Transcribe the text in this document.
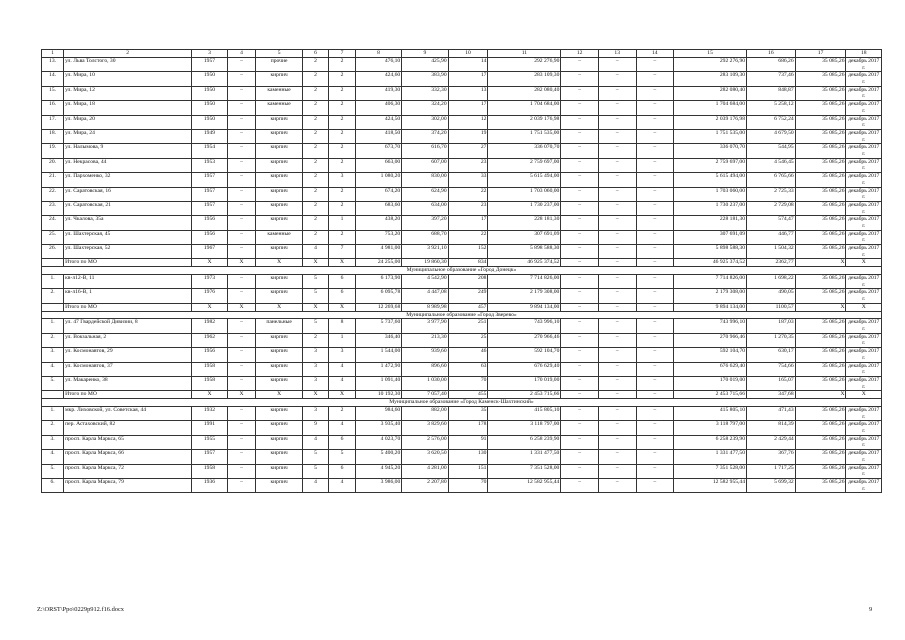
1	2	3	4	5	6	7	8	9	10	11	12	13	14	15	16	17	18
13.	ул. Льва Толстого, 30	1957	–	прочие	2	2	476,10	425,90	14	292 276,90	–	–	–	292 276,90	686,26	35 085,26	декабрь 2017 г.
14.	ул. Мира, 10	1950	–	кирпич	2	2	424,60	383,90	17	283 109,30	–	–	–	283 109,30	737,46	35 085,26	декабрь 2017 г.
15.	ул. Мира, 12	1950	–	каменные	2	2	419,30	332,30	13	282 080,40	–	–	–	282 080,40	848,87	35 085,26	декабрь 2017 г.
16.	ул. Мира, 18	1950	–	каменные	2	2	406,30	324,20	17	1 704 684,00	–	–	–	1 704 684,00	5 258,12	35 085,26	декабрь 2017 г.
17.	ул. Мира, 20	1950	–	кирпич	2	2	424,50	302,00	12	2 039 176,98	–	–	–	2 039 176,98	6 752,24	35 085,26	декабрь 2017 г.
18.	ул. Мира, 24	1949	–	кирпич	2	2	418,50	374,20	19	1 751 535,00	–	–	–	1 751 535,00	4 679,50	35 085,26	декабрь 2017 г.
19.	ул. Налымова, 9	1954	–	кирпич	2	2	673,70	616,70	27	336 070,70	–	–	–	336 070,70	544,95	35 085,26	декабрь 2017 г.
20.	ул. Некрасова, 44	1953	–	кирпич	2	2	663,00	607,00	23	2 759 697,00	–	–	–	2 759 697,00	4 546,45	35 085,26	декабрь 2017 г.
21.	ул. Пархоменко, 32	1957	–	кирпич	2	3	1 080,20	830,00	33	5 615 494,00	–	–	–	5 615 494,00	6 765,66	35 085,26	декабрь 2017 г.
22.	ул. Саратовская, 16	1957	–	кирпич	2	2	674,20	624,90	22	1 703 060,00	–	–	–	1 703 060,00	2 725,33	35 085,26	декабрь 2017 г.
23.	ул. Саратовская, 21	1957	–	кирпич	2	2	683,60	634,00	23	1 730 237,00	–	–	–	1 730 237,00	2 729,08	35 085,26	декабрь 2017 г.
24.	ул. Чкалова, 35а	1956	–	кирпич	2	1	438,20	397,20	17	228 181,30	–	–	–	228 181,30	574,47	35 085,26	декабрь 2017 г.
25.	ул. Шахтерская, 45	1956	–	каменные	2	2	753,20	688,70	22	307 691,09	–	–	–	307 691,09	446,77	35 085,26	декабрь 2017 г.
26.	ул. Шахтерская, 52	1967	–	кирпич	4	7	4 981,00	3 921,10	152	5 898 588,30	–	–	–	5 898 588,30	1 504,32	35 085,26	декабрь 2017 г.
	Итого по МО	X	X	X	X	X	24 255,00	19 860,30	834	46 925 374,52	–	–	–	46 925 374,52	2362,77	X	X
Муниципальное образование «Город Донецк»																	
1.	кв-л12-В, 11	1973	–	кирпич	5	6	6 173,90	4 542,90	208	7 714 826,00	–	–	–	7 714 826,00	1 698,22	35 085,26	декабрь 2017 г.
2.	кв-л16-В, 1	1976	–	кирпич	5	6	6 095,78	4 447,08	249	2 179 308,00	–	–	–	2 179 308,00	490,05	35 085,26	декабрь 2017 г.
	Итого по МО	X	X	X	X	X	12 269,68	8 989,98	457	9 894 134,00	–	–	–	9 894 134,00	1100,57	X	X
Муниципальное образование «Город Зверево»																	
1.	ул. 47 Гвардейской Дивизии, 8	1982	–	панельные	5	8	5 737,60	3 977,90	251	743 996,10	–	–	–	743 996,10	187,03	35 085,26	декабрь 2017 г.
2.	ул. Вокзальная, 2	1962	–	кирпич	2	1	346,40	213,30	25	270 966,46	–	–	–	270 966,46	1 270,35	35 085,26	декабрь 2017 г.
3.	ул. Космонавтов, 29	1956	–	кирпич	3	3	1 544,00	939,60	46	592 104,70	–	–	–	592 104,70	630,17	35 085,26	декабрь 2017 г.
4.	ул. Космонавтов, 37	1958	–	кирпич	3	4	1 472,90	896,60	63	676 629,40	–	–	–	676 629,40	754,66	35 085,26	декабрь 2017 г.
5.	ул. Макаренко, 38	1958	–	кирпич	3	4	1 091,40	1 030,00	70	170 019,00	–	–	–	170 019,00	165,07	35 085,26	декабрь 2017 г.
	Итого по МО	X	X	X	X	X	10 192,30	7 057,40	455	2 453 715,66	–	–	–	2 453 715,66	347,68	X	X
Муниципальное образование «Город Каменск-Шахтинский»																	
1.	мкр. Лиховской, ул. Советская, 44	1932	–	кирпич	3	2	984,60	882,00	35	415 805,10	–	–	–	415 805,10	471,43	35 085,26	декабрь 2017 г.
2.	пер. Астаховский, 82	1991	–	кирпич	9	4	3 935,40	3 829,60	178	3 118 797,00	–	–	–	3 118 797,00	814,39	35 085,26	декабрь 2017 г.
3.	просп. Карла Маркса, 65	1955	–	кирпич	4	6	4 023,70	2 576,00	91	6 258 239,90	–	–	–	6 258 239,90	2 429,44	35 085,26	декабрь 2017 г.
4.	просп. Карла Маркса, 66	1957	–	кирпич	5	5	5 400,20	3 620,50	130	1 331 477,50	–	–	–	1 331 477,50	367,76	35 085,26	декабрь 2017 г.
5.	просп. Карла Маркса, 72	1958	–	кирпич	5	6	4 945,20	4 281,00	151	7 351 528,00	–	–	–	7 351 528,00	1 717,25	35 085,26	декабрь 2017 г.
6.	просп. Карла Маркса, 79	1936	–	кирпич	4	4	3 986,00	2 207,80	70	12 582 955,44	–	–	–	12 582 955,44	5 699,32	35 085,26	декабрь 2017 г.
Z:\ORST\Ppo\0229p912.f16.docx	9
